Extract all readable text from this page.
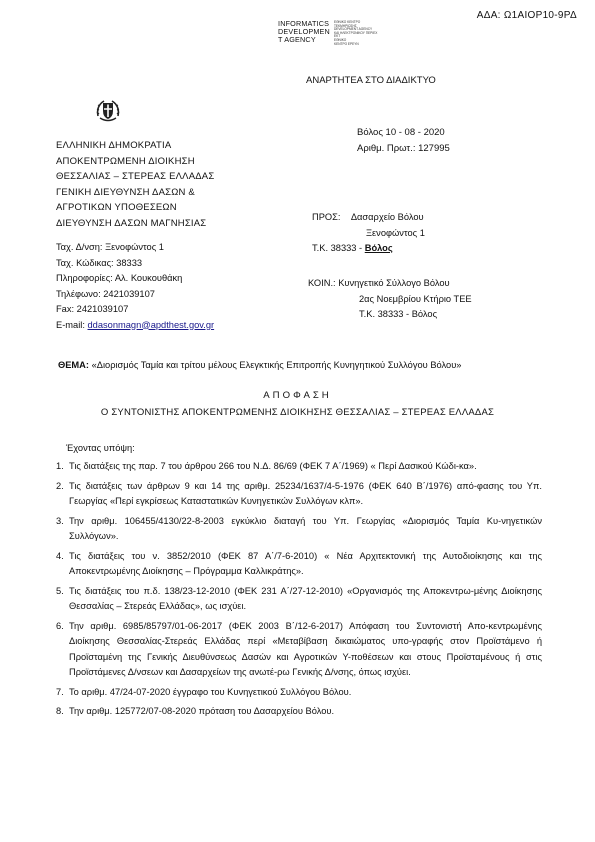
ΑΔΑ: Ω1ΑΙΟΡ10-9ΡΔ
INFORMATICS
DEVELOPMEN
T AGENCY
ΕΘΝΙΚΟ ΚΕΝΤΡΟ
ΤΕΚΜΗΡΙΩΣΗΣ
DEVELOPMENT AGENCY
ΚΑΙ ΗΛΕΚΤΡΟΝΙΚΟΥ ΠΕΡΙΕΧ
ΕΚΤ
ΕΘΝΙΚΟ
ΚΕΝΤΡΟ ΕΡΕΥΝ
ΑΝΑΡΤΗΤΕΑ ΣΤΟ ΔΙΑΔΙΚΤΥΟ
ΕΛΛΗΝΙΚΗ ΔΗΜΟΚΡΑΤΙΑ
ΑΠΟΚΕΝΤΡΩΜΕΝΗ ΔΙΟΙΚΗΣΗ
ΘΕΣΣΑΛΙΑΣ – ΣΤΕΡΕΑΣ ΕΛΛΑΔΑΣ
ΓΕΝΙΚΗ ΔΙΕΥΘΥΝΣΗ ΔΑΣΩΝ &
ΑΓΡΟΤΙΚΩΝ ΥΠΟΘΕΣΕΩΝ
ΔΙΕΥΘΥΝΣΗ ΔΑΣΩΝ ΜΑΓΝΗΣΙΑΣ
Ταχ. Δ/νση: Ξενοφώντος 1
Ταχ. Κώδικας: 38333
Πληροφορίες: Αλ. Κουκουθάκη
Τηλέφωνο: 2421039107
Fax: 2421039107
E-mail: ddasonmagn@apdthest.gov.gr
Βόλος 10 - 08 - 2020
Αριθμ. Πρωτ.: 127995
ΠΡΟΣ: Δασαρχείο Βόλου
Ξενοφώντος 1
Τ.Κ. 38333 - Βόλος
ΚΟΙΝ.: Κυνηγετικό Σύλλογο Βόλου
2ας Νοεμβρίου Κτήριο ΤΕΕ
Τ.Κ. 38333 - Βόλος
ΘΕΜΑ: «Διορισμός Ταμία και τρίτου μέλους Ελεγκτικής Επιτροπής Κυνηγητικού Συλλόγου Βόλου»
ΑΠΟΦΑΣΗ
Ο ΣΥΝΤΟΝΙΣΤΗΣ ΑΠΟΚΕΝΤΡΩΜΕΝΗΣ ΔΙΟΙΚΗΣΗΣ ΘΕΣΣΑΛΙΑΣ – ΣΤΕΡΕΑΣ ΕΛΛΑΔΑΣ
Έχοντας υπόψη:
1. Τις διατάξεις της παρ. 7 του άρθρου 266 του Ν.Δ. 86/69 (ΦΕΚ 7 Α΄/1969) « Περί Δασικού Κώδι-κα».
2. Τις διατάξεις των άρθρων 9 και 14 της αριθμ. 25234/1637/4-5-1976 (ΦΕΚ 640 Β΄/1976) από-φασης του Υπ. Γεωργίας «Περί εγκρίσεως Καταστατικών Κυνηγετικών Συλλόγων κλπ».
3. Την αριθμ. 106455/4130/22-8-2003 εγκύκλιο διαταγή του Υπ. Γεωργίας «Διορισμός Ταμία Κυ-νηγετικών Συλλόγων».
4. Τις διατάξεις του ν. 3852/2010 (ΦΕΚ 87 Α΄/7-6-2010) « Νέα Αρχιτεκτονική της Αυτοδιοίκησης και της Αποκεντρωμένης Διοίκησης – Πρόγραμμα Καλλικράτης».
5. Τις διατάξεις του π.δ. 138/23-12-2010 (ΦΕΚ 231 Α΄/27-12-2010) «Οργανισμός της Αποκεντρω-μένης Διοίκησης Θεσσαλίας – Στερεάς Ελλάδας», ως ισχύει.
6. Την αριθμ. 6985/85797/01-06-2017 (ΦΕΚ 2003 Β΄/12-6-2017) Απόφαση του Συντονιστή Απο-κεντρωμένης Διοίκησης Θεσσαλίας-Στερεάς Ελλάδας περί «Μεταβίβαση δικαιώματος υπο-γραφής στον Προϊστάμενο ή Προϊσταμένη της Γενικής Διευθύνσεως Δασών και Αγροτικών Υ-ποθέσεων και στους Προϊσταμένους ή στις Προϊστάμενες Δ/νσεων και Δασαρχείων της ανωτέ-ρω Γενικής Δ/νσης, όπως ισχύει.
7. Το αριθμ. 47/24-07-2020 έγγραφο του Κυνηγετικού Συλλόγου Βόλου.
8. Την αριθμ. 125772/07-08-2020 πρόταση του Δασαρχείου Βόλου.
